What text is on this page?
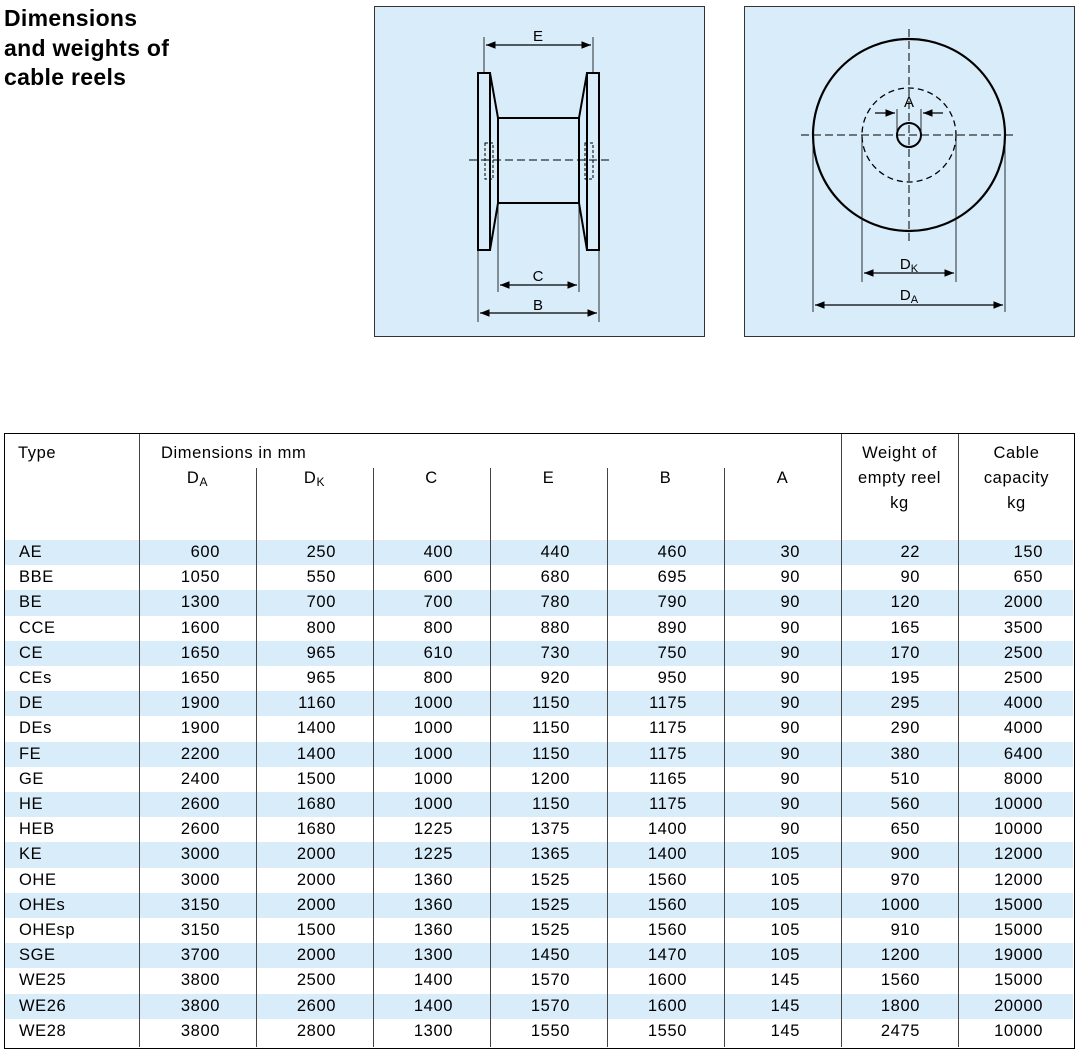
Dimensions
and weights of
cable reels
E
C
B
A
$D_K$
$D_A$
AE	600	250	400	440	460	30	22	150
BBE	1050	550	600	680	695	90	90	650
BE	1300	700	700	780	790	90	120	2000
CCE	1600	800	800	880	890	90	165	3500
CE	1650	965	610	730	750	90	170	2500
CEs	1650	965	800	920	950	90	195	2500
DE	1900	1160	1000	1150	1175	90	295	4000
DEs	1900	1400	1000	1150	1175	90	290	4000
FE	2200	1400	1000	1150	1175	90	380	6400
GE	2400	1500	1000	1200	1165	90	510	8000
HE	2600	1680	1000	1150	1175	90	560	10000
HEB	2600	1680	1225	1375	1400	90	650	10000
KE	3000	2000	1225	1365	1400	105	900	12000
OHE	3000	2000	1360	1525	1560	105	970	12000
OHEs	3150	2000	1360	1525	1560	105	1000	15000
OHEsp	3150	1500	1360	1525	1560	105	910	15000
SGE	3700	2000	1300	1450	1470	105	1200	19000
WE25	3800	2500	1400	1570	1600	145	1560	15000
WE26	3800	2600	1400	1570	1600	145	1800	20000
WE28	3800	2800	1300	1550	1550	145	2475	10000
Type	Dimensions in mm
$D_A$	$D_K$	C	E	B	A
Weight of
empty reel
kg
Cable
capacity
kg
